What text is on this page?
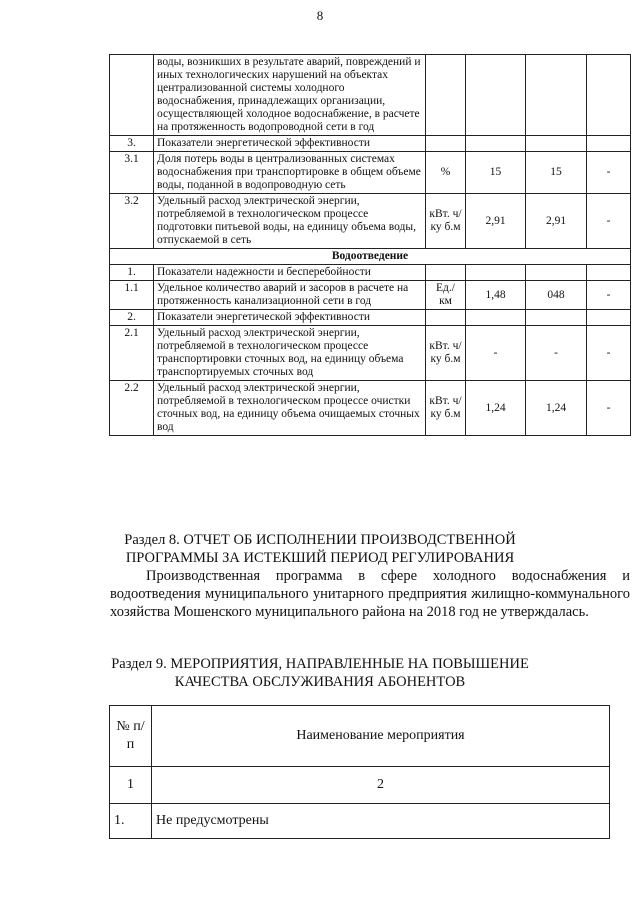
8
	воды, возникших в результате аварий, повреждений и иных технологических нарушений на объектах централизованной системы холодного водоснабжения, принадлежащих организации, осуществляющей холодное водоснабжение, в расчете на протяженность водопроводной сети в год				
3.	Показатели энергетической эффективности				
3.1	Доля потерь воды в централизованных системах водоснабжения при транспортировке в общем объеме воды, поданной в водопроводную сеть	%	15	15	-
3.2	Удельный расход электрической энергии, потребляемой в технологическом процессе подготовки питьевой воды, на единицу объема воды, отпускаемой в сеть	кВт. ч/ку б.м	2,91	2,91	-
Водоотведение					
1.	Показатели надежности и бесперебойности				
1.1	Удельное количество аварий и засоров в расчете на протяженность канализационной сети в год	Ед./ км	1,48	048	-
2.	Показатели энергетической эффективности				
2.1	Удельный расход электрической энергии, потребляемой в технологическом процессе транспортировки сточных вод, на единицу объема транспортируемых сточных вод	кВт. ч/ку б.м	-	-	-
2.2	Удельный расход электрической энергии, потребляемой в технологическом процессе очистки сточных вод, на единицу объема очищаемых сточных вод	кВт. ч/ку б.м	1,24	1,24	-
Раздел 8. ОТЧЕТ ОБ ИСПОЛНЕНИИ ПРОИЗВОДСТВЕННОЙ
ПРОГРАММЫ ЗА ИСТЕКШИЙ ПЕРИОД РЕГУЛИРОВАНИЯ
Производственная программа в сфере холодного водоснабжения и водоотведения муниципального унитарного предприятия жилищно-коммунального хозяйства Мошенского муниципального района на 2018 год не утверждалась.
Раздел 9. МЕРОПРИЯТИЯ, НАПРАВЛЕННЫЕ НА ПОВЫШЕНИЕ
КАЧЕСТВА ОБСЛУЖИВАНИЯ АБОНЕНТОВ
№ п/п	Наименование мероприятия
1	2
1.	Не предусмотрены
